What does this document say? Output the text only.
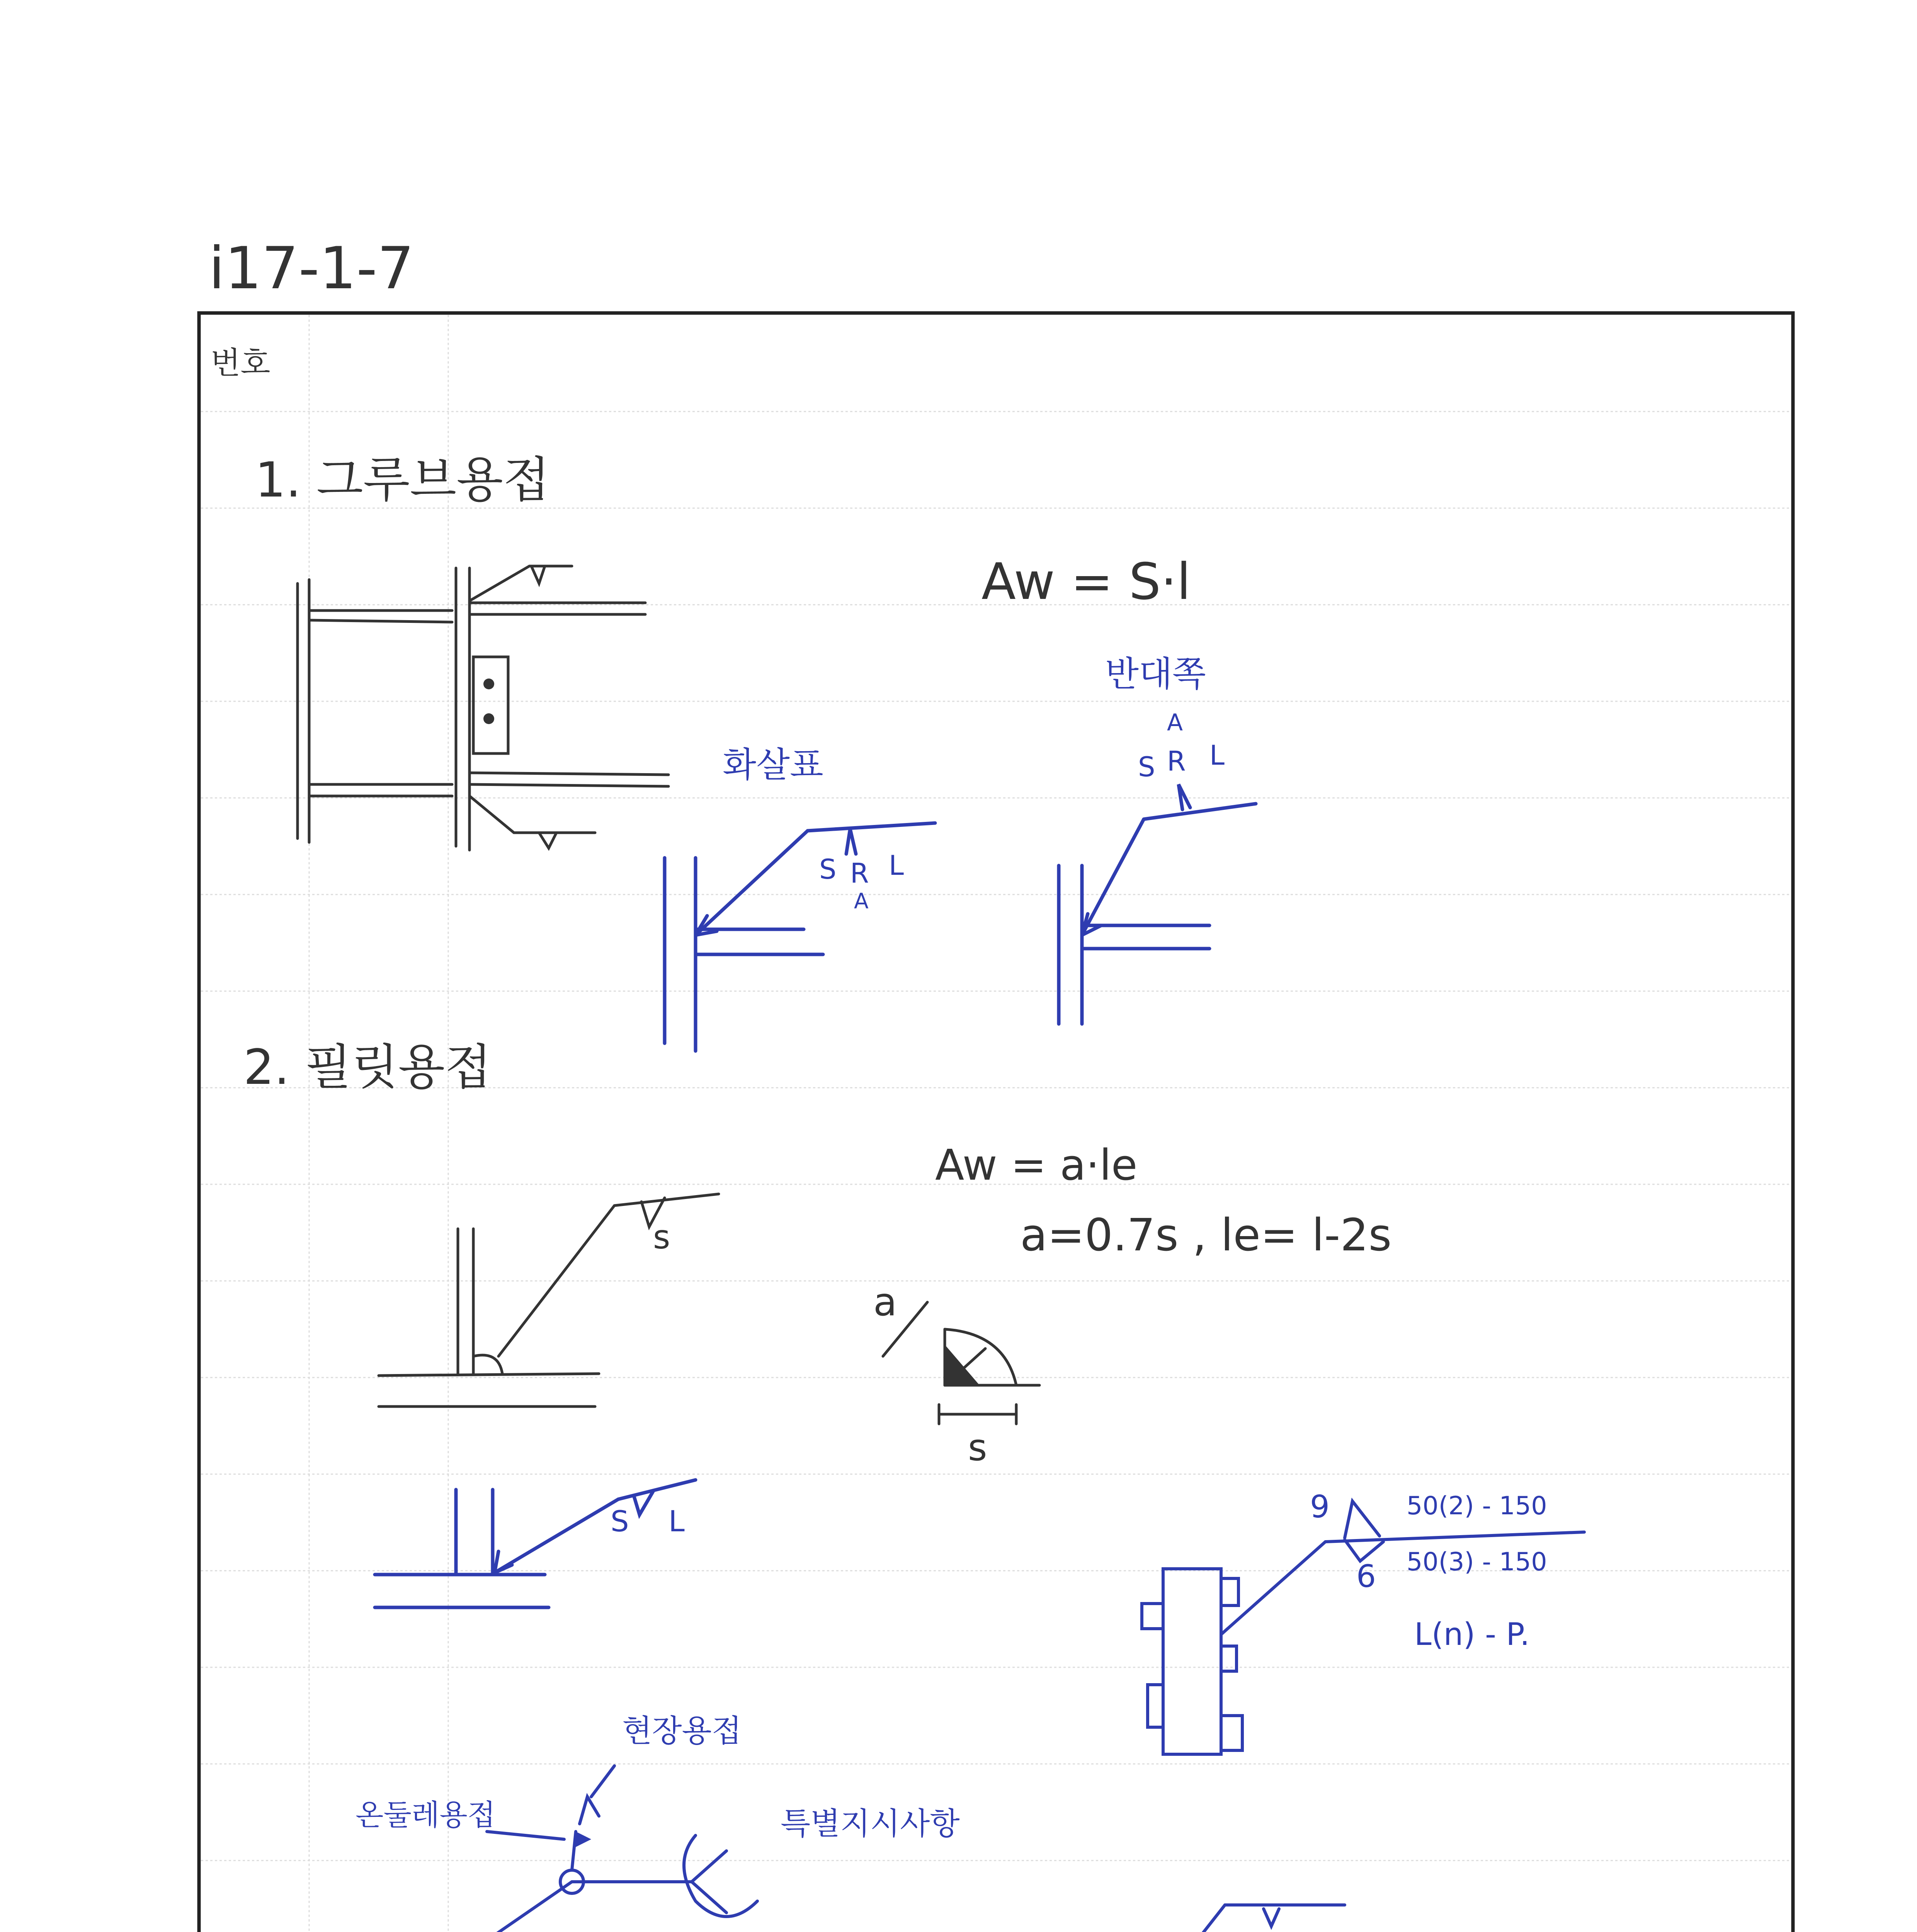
i17-1-7
번호
1. 그루브용접
Aw = S·l
화살표
반대쪽
S R L
A
A
S R L
2. 필릿용접
Aw = a·le
a=0.7s , le= l-2s
a
s
s
S L	9
6
50(2) - 150
50(3) - 150
L(n) - P.
현장용접
온둘레용접	특별지시사항
